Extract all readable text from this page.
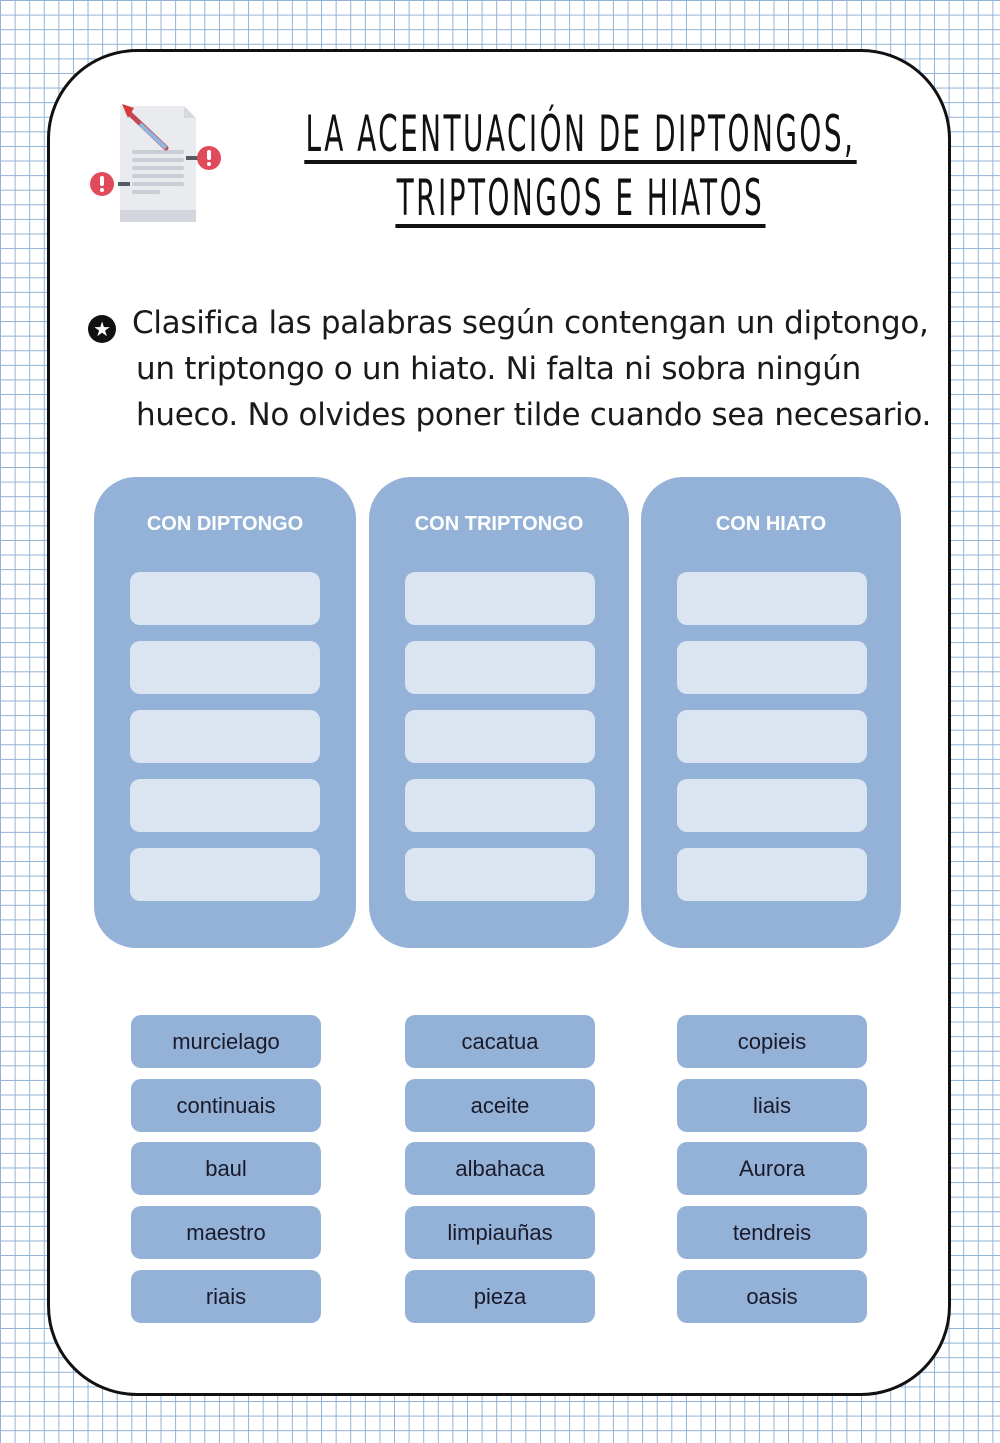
LA ACENTUACIÓN DE DIPTONGOS,
TRIPTONGOS E HIATOS
★ Clasifica las palabras según contengan un diptongo,
un triptongo o un hiato. Ni falta ni sobra ningún
hueco. No olvides poner tilde cuando sea necesario.
CON DIPTONGO	CON TRIPTONGO	CON HIATO
murcielago
continuais
baul
maestro
riais
cacatua
aceite
albahaca
limpiauñas
pieza
copieis
liais
Aurora
tendreis
oasis
